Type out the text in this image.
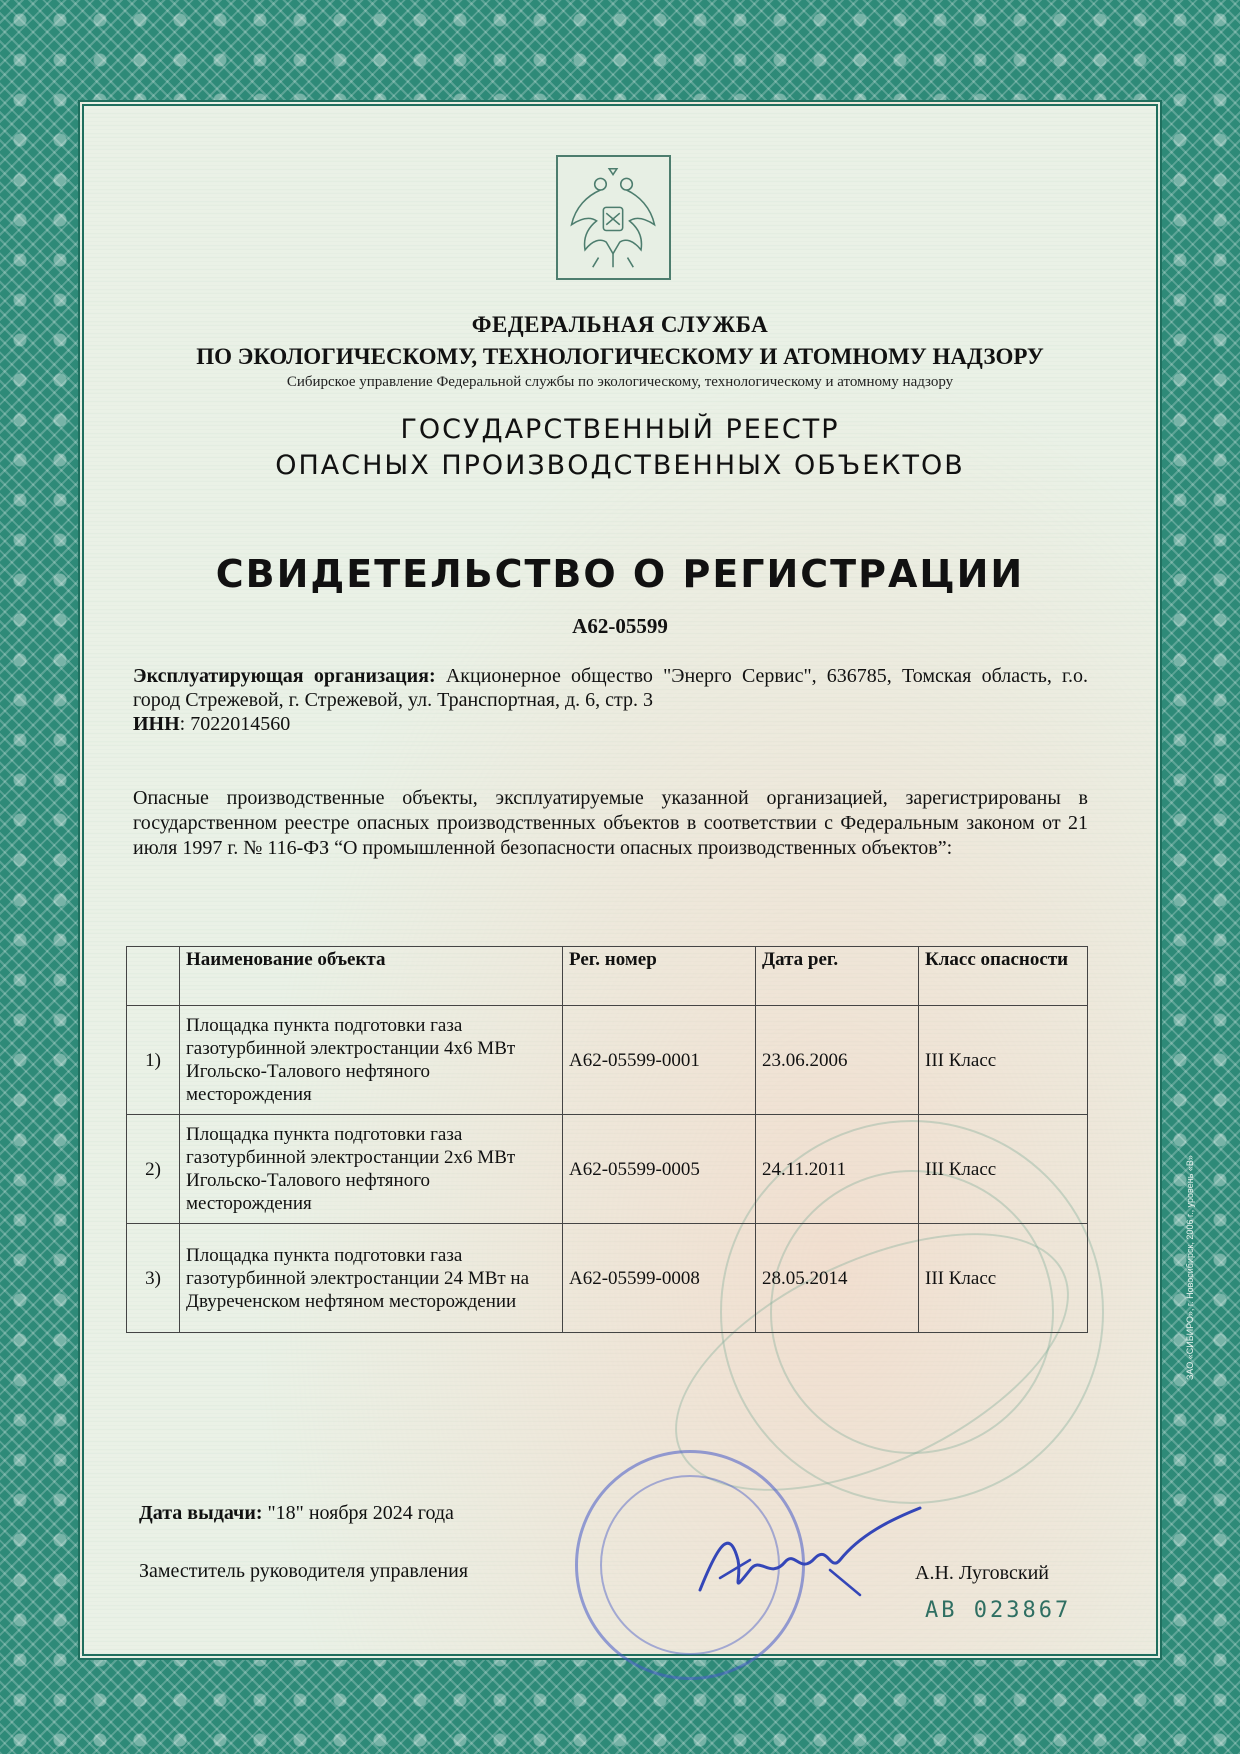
ФЕДЕРАЛЬНАЯ СЛУЖБА
ПО ЭКОЛОГИЧЕСКОМУ, ТЕХНОЛОГИЧЕСКОМУ И АТОМНОМУ НАДЗОРУ
Сибирское управление Федеральной службы по экологическому, технологическому и атомному надзору
ГОСУДАРСТВЕННЫЙ РЕЕСТР
ОПАСНЫХ ПРОИЗВОДСТВЕННЫХ ОБЪЕКТОВ
СВИДЕТЕЛЬСТВО О РЕГИСТРАЦИИ
А62-05599
Эксплуатирующая организация: Акционерное общество "Энерго Сервис", 636785, Томская область, г.о. город Стрежевой, г. Стрежевой, ул. Транспортная, д. 6, стр. 3
ИНН: 7022014560
Опасные производственные объекты, эксплуатируемые указанной организацией, зарегистрированы в государственном реестре опасных производственных объектов в соответствии с Федеральным законом от 21 июля 1997 г. № 116-ФЗ “О промышленной безопасности опасных производственных объектов”:
	Наименование объекта	Рег. номер	Дата рег.	Класс опасности
1)	Площадка пункта подготовки газа газотурбинной электростанции 4х6 МВт Игольско-Талового нефтяного месторождения	А62-05599-0001	23.06.2006	III Класс
2)	Площадка пункта подготовки газа газотурбинной электростанции 2х6 МВт Игольско-Талового нефтяного месторождения	А62-05599-0005	24.11.2011	III Класс
3)	Площадка пункта подготовки газа газотурбинной электростанции 24 МВт на Двуреченском нефтяном месторождении	А62-05599-0008	28.05.2014	III Класс
Дата выдачи: "18" ноября 2024 года
Заместитель руководителя управления	А.Н. Луговский
АВ 023867
ЗАО «СИБИРО», г. Новосибирск, 2006 г., уровень «В»
